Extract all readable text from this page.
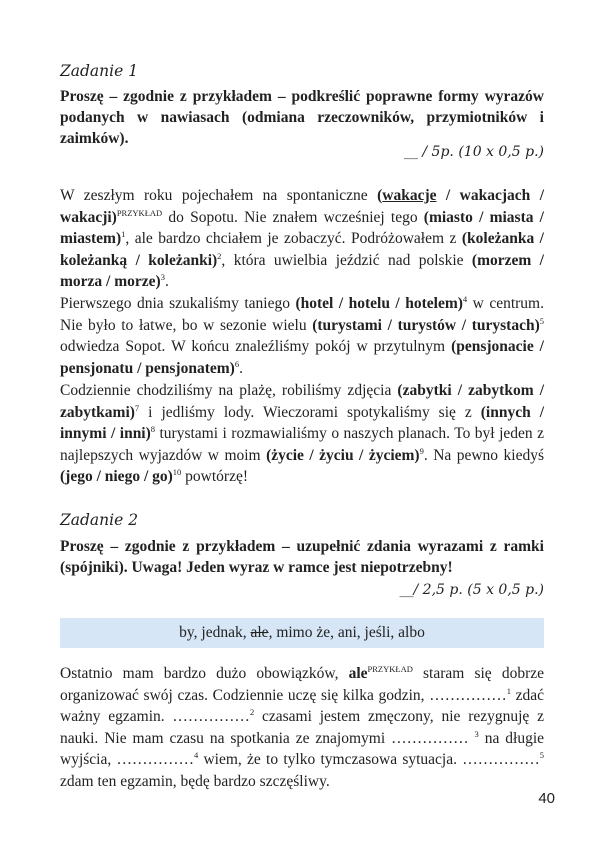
Zadanie 1
Proszę – zgodnie z przykładem – podkreślić poprawne formy wyrazów podanych w nawiasach (odmiana rzeczowników, przymiotników i zaimków).
__ / 5p. (10 x 0,5 p.)
W zeszłym roku pojechałem na spontaniczne (wakacje / wakacjach / wakacji)$^{PRZYKŁAD}$ do Sopotu. Nie znałem wcześniej tego (miasto / miasta / miastem)$^1$, ale bardzo chciałem je zobaczyć. Podróżowałem z (koleżanka / koleżanką / koleżanki)$^2$, która uwielbia jeździć nad polskie (morzem / morza / morze)$^3$.
Pierwszego dnia szukaliśmy taniego (hotel / hotelu / hotelem)$^4$ w centrum. Nie było to łatwe, bo w sezonie wielu (turystami / turystów / turystach)$^5$ odwiedza Sopot. W końcu znaleźliśmy pokój w przytulnym (pensjonacie / pensjonatu / pensjonatem)$^6$.
Codziennie chodziliśmy na plażę, robiliśmy zdjęcia (zabytki / zabytkom / zabytkami)$^7$ i jedliśmy lody. Wieczorami spotykaliśmy się z (innych / innymi / inni)$^8$ turystami i rozmawialiśmy o naszych planach. To był jeden z najlepszych wyjazdów w moim (życie / życiu / życiem)$^9$. Na pewno kiedyś (jego / niego / go)$^{10}$ powtórzę!
Zadanie 2
Proszę – zgodnie z przykładem – uzupełnić zdania wyrazami z ramki (spójniki). Uwaga! Jeden wyraz w ramce jest niepotrzebny!
__/ 2,5 p. (5 x 0,5 p.)
by, jednak, ale, mimo że, ani, jeśli, albo
Ostatnio mam bardzo dużo obowiązków, ale$^{PRZYKŁAD}$ staram się dobrze organizować swój czas. Codziennie uczę się kilka godzin, ……………$^1$ zdać ważny egzamin. ……………$^2$ czasami jestem zmęczony, nie rezygnuję z nauki. Nie mam czasu na spotkania ze znajomymi …………… $^3$ na długie wyjścia, ……………$^4$ wiem, że to tylko tymczasowa sytuacja. ……………$^5$ zdam ten egzamin, będę bardzo szczęśliwy.
40
